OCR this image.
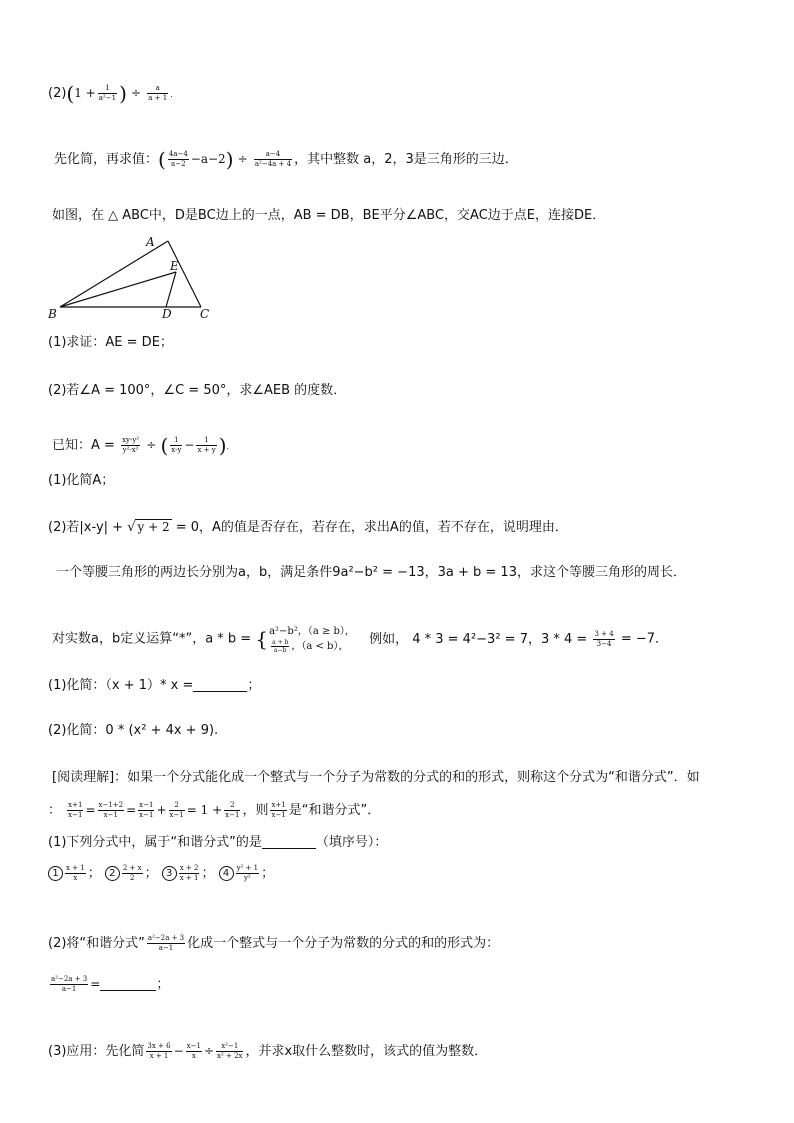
$(2)(1 + \frac{1}{\text{a²−1}}$ ) ÷ $\frac{a}{a + 1}$ .
先化简，再求值：( $\frac{4a-4}{a-2} -a-2) \div \frac{a-4}{\text{a²−4a + 4}}$ ，其中整数 a，2，3是三角形的三边．
如图，在 △ ABC中，D是BC边上的一点，AB = DB，BE平分∠ABC，交AC边于点E，连接DE．
A
B	C
D
E
(1)求证：AE = DE；
(2)若∠A = 100°，∠C = 50°，求∠AEB 的度数．
已知：$A = \frac{\text{xy-y²}}{\text{y²-x²}}$ ÷ ( $\frac{1}{x-y} - \frac{1}{x + y}$ ).
(1)化简A；
(2)若|x-y| + √ y + 2 = 0，A的值是否存在，若存在，求出A的值，若不存在，说明理由．
一个等腰三角形的两边长分别为a，b，满足条件9a²−b² = −13，3a + b = 13，求这个等腰三角形的周长．
对实数a，b定义运算“*”，a * b = { a²−b²，（a ≥ b），
$\frac{a + b}{a-b}$ ，（a < b），	例如， 4 * 3 = 4²−3² = 7，$3 * 4 = \frac{3 + 4}{3-4} = -7$．
(1)化简：（x + 1）* x =	；
(2)化简：0 * (x² + 4x + 9).
[阅读理解]：如果一个分式能化成一个整式与一个分子为常数的分式的和的形式，则称这个分式为“和谐分式”．如
： $\frac{x+1}{x-1} = \frac{x-1+2}{x-1} = \frac{x-1}{x-1} + \frac{2}{x-1} = 1 + \frac{2}{x-1}$ ，则 $\frac{x+1}{x-1}$ 是“和谐分式”．
(1)下列分式中，属于“和谐分式”的是	（填序号）：
$1 \frac{x + 1}{x}$ ； $2 \frac{2 + x}{2}$ ； $3 \frac{x + 2}{x + 1}$ ； $4 \frac{\text{y² + 1}}{\text{y²}}$ ；
(2)将“和谐分式” $\frac{\text{a²−2a + 3}}{a-1}$ 化成一个整式与一个分子为常数的分式的和的形式为：
$\frac{\text{a²−2a + 3}}{a-1}$ =	；
(3)应用：先化简 $\frac{3x + 6}{x + 1} - \frac{x-1}{x} \div \frac{\text{x²−1}}{\text{x² + 2x}}$ ，并求x取什么整数时，该式的值为整数．
